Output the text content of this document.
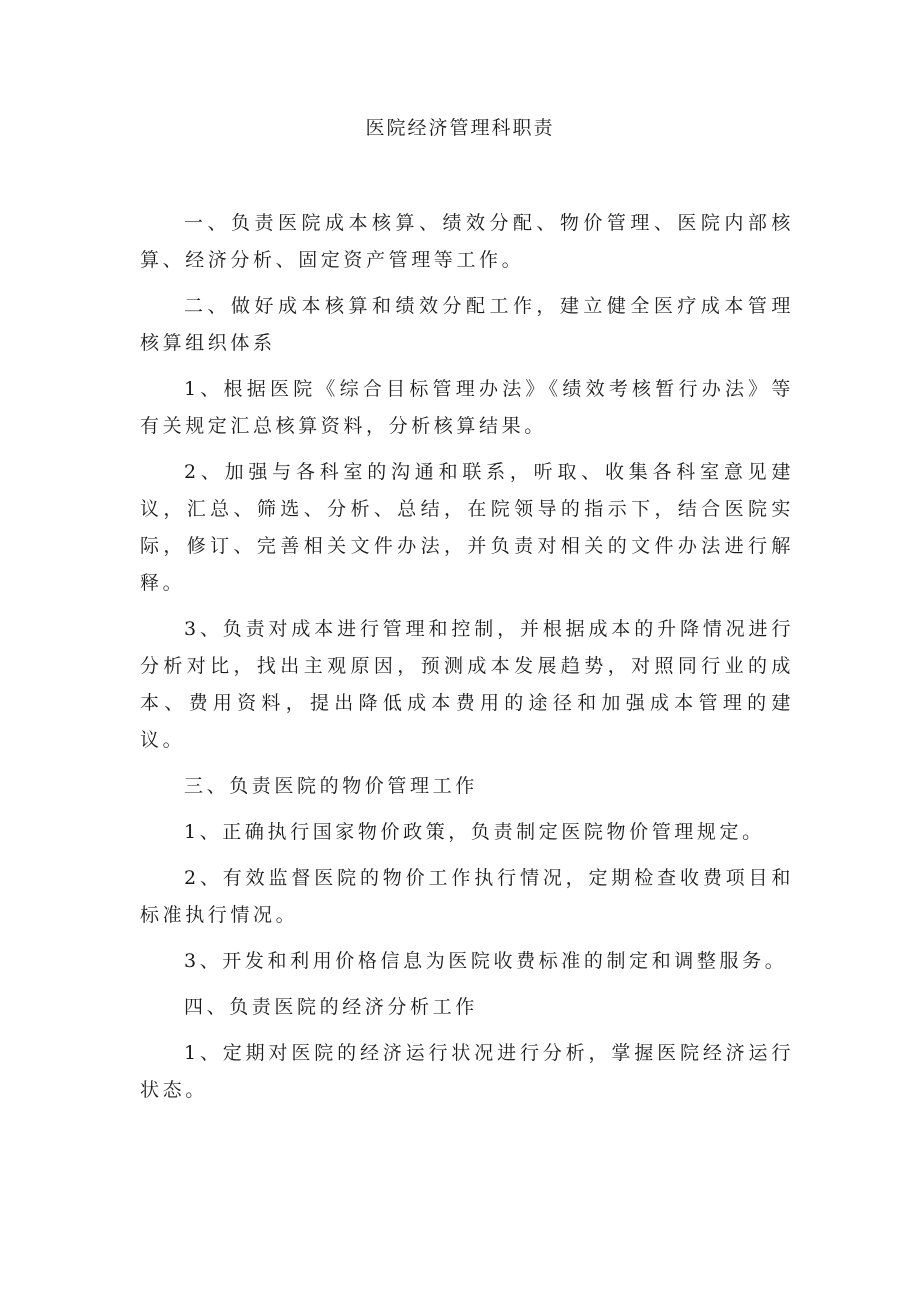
医院经济管理科职责

一、负责医院成本核算、绩效分配、物价管理、医院内部核算、经济分析、固定资产管理等工作。

二、做好成本核算和绩效分配工作，建立健全医疗成本管理核算组织体系

1、根据医院《综合目标管理办法》《绩效考核暂行办法》等有关规定汇总核算资料，分析核算结果。

2、加强与各科室的沟通和联系，听取、收集各科室意见建议，汇总、筛选、分析、总结，在院领导的指示下，结合医院实际，修订、完善相关文件办法，并负责对相关的文件办法进行解释。

3、负责对成本进行管理和控制，并根据成本的升降情况进行分析对比，找出主观原因，预测成本发展趋势，对照同行业的成本、费用资料，提出降低成本费用的途径和加强成本管理的建议。

三、负责医院的物价管理工作

1、正确执行国家物价政策，负责制定医院物价管理规定。

2、有效监督医院的物价工作执行情况，定期检查收费项目和标准执行情况。

3、开发和利用价格信息为医院收费标准的制定和调整服务。

四、负责医院的经济分析工作

1、定期对医院的经济运行状况进行分析，掌握医院经济运行状态。
